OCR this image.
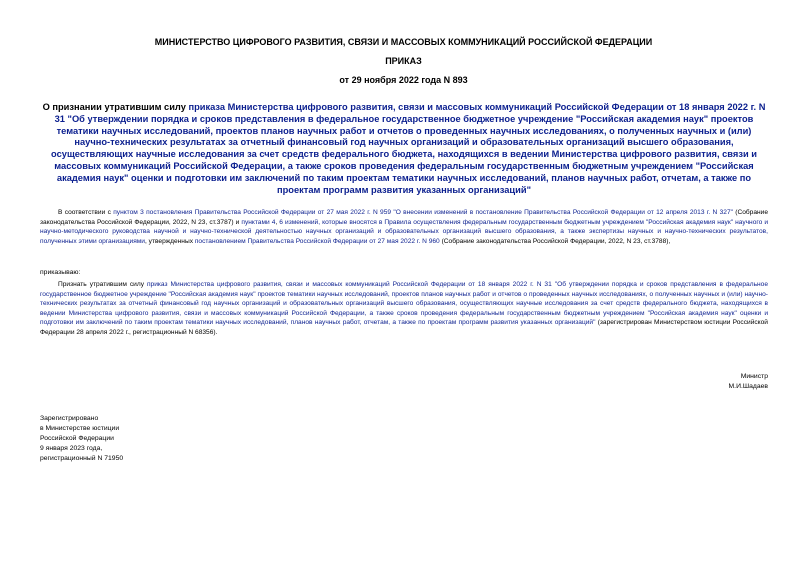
МИНИСТЕРСТВО ЦИФРОВОГО РАЗВИТИЯ, СВЯЗИ И МАССОВЫХ КОММУНИКАЦИЙ РОССИЙСКОЙ ФЕДЕРАЦИИ
ПРИКАЗ
от 29 ноября 2022 года N 893
О признании утратившим силу приказа Министерства цифрового развития, связи и массовых коммуникаций Российской Федерации от 18 января 2022 г. N 31 "Об утверждении порядка и сроков представления в федеральное государственное бюджетное учреждение "Российская академия наук" проектов тематики научных исследований, проектов планов научных работ и отчетов о проведенных научных исследованиях, о полученных научных и (или) научно-технических результатах за отчетный финансовый год научных организаций и образовательных организаций высшего образования, осуществляющих научные исследования за счет средств федерального бюджета, находящихся в ведении Министерства цифрового развития, связи и массовых коммуникаций Российской Федерации, а также сроков проведения федеральным государственным бюджетным учреждением "Российская академия наук" оценки и подготовки им заключений по таким проектам тематики научных исследований, планов научных работ, отчетам, а также по проектам программ развития указанных организаций"
В соответствии с пунктом 3 постановления Правительства Российской Федерации от 27 мая 2022 г. N 959 "О внесении изменений в постановление Правительства Российской Федерации от 12 апреля 2013 г. N 327" (Собрание законодательства Российской Федерации, 2022, N 23, ст.3787) и пунктами 4, 6 изменений, которые вносятся в Правила осуществления федеральным государственным бюджетным учреждением "Российская академия наук" научного и научно-методического руководства научной и научно-технической деятельностью научных организаций и образовательных организаций высшего образования, а также экспертизы научных и научно-технических результатов, полученных этими организациями, утвержденных постановлением Правительства Российской Федерации от 27 мая 2022 г. N 960 (Собрание законодательства Российской Федерации, 2022, N 23, ст.3788),
приказываю:
Признать утратившим силу приказ Министерства цифрового развития, связи и массовых коммуникаций Российской Федерации от 18 января 2022 г. N 31 "Об утверждении порядка и сроков представления в федеральное государственное бюджетное учреждение "Российская академия наук" проектов тематики научных исследований, проектов планов научных работ и отчетов о проведенных научных исследованиях, о полученных научных и (или) научно-технических результатах за отчетный финансовый год научных организаций и образовательных организаций высшего образования, осуществляющих научные исследования за счет средств федерального бюджета, находящихся в ведении Министерства цифрового развития, связи и массовых коммуникаций Российской Федерации, а также сроков проведения федеральным государственным бюджетным учреждением "Российская академия наук" оценки и подготовки им заключений по таким проектам тематики научных исследований, планов научных работ, отчетам, а также по проектам программ развития указанных организаций" (зарегистрирован Министерством юстиции Российской Федерации 28 апреля 2022 г., регистрационный N 68356).
Министр
М.И.Шадаев
Зарегистрировано
в Министерстве юстиции
Российской Федерации
9 января 2023 года,
регистрационный N 71950
